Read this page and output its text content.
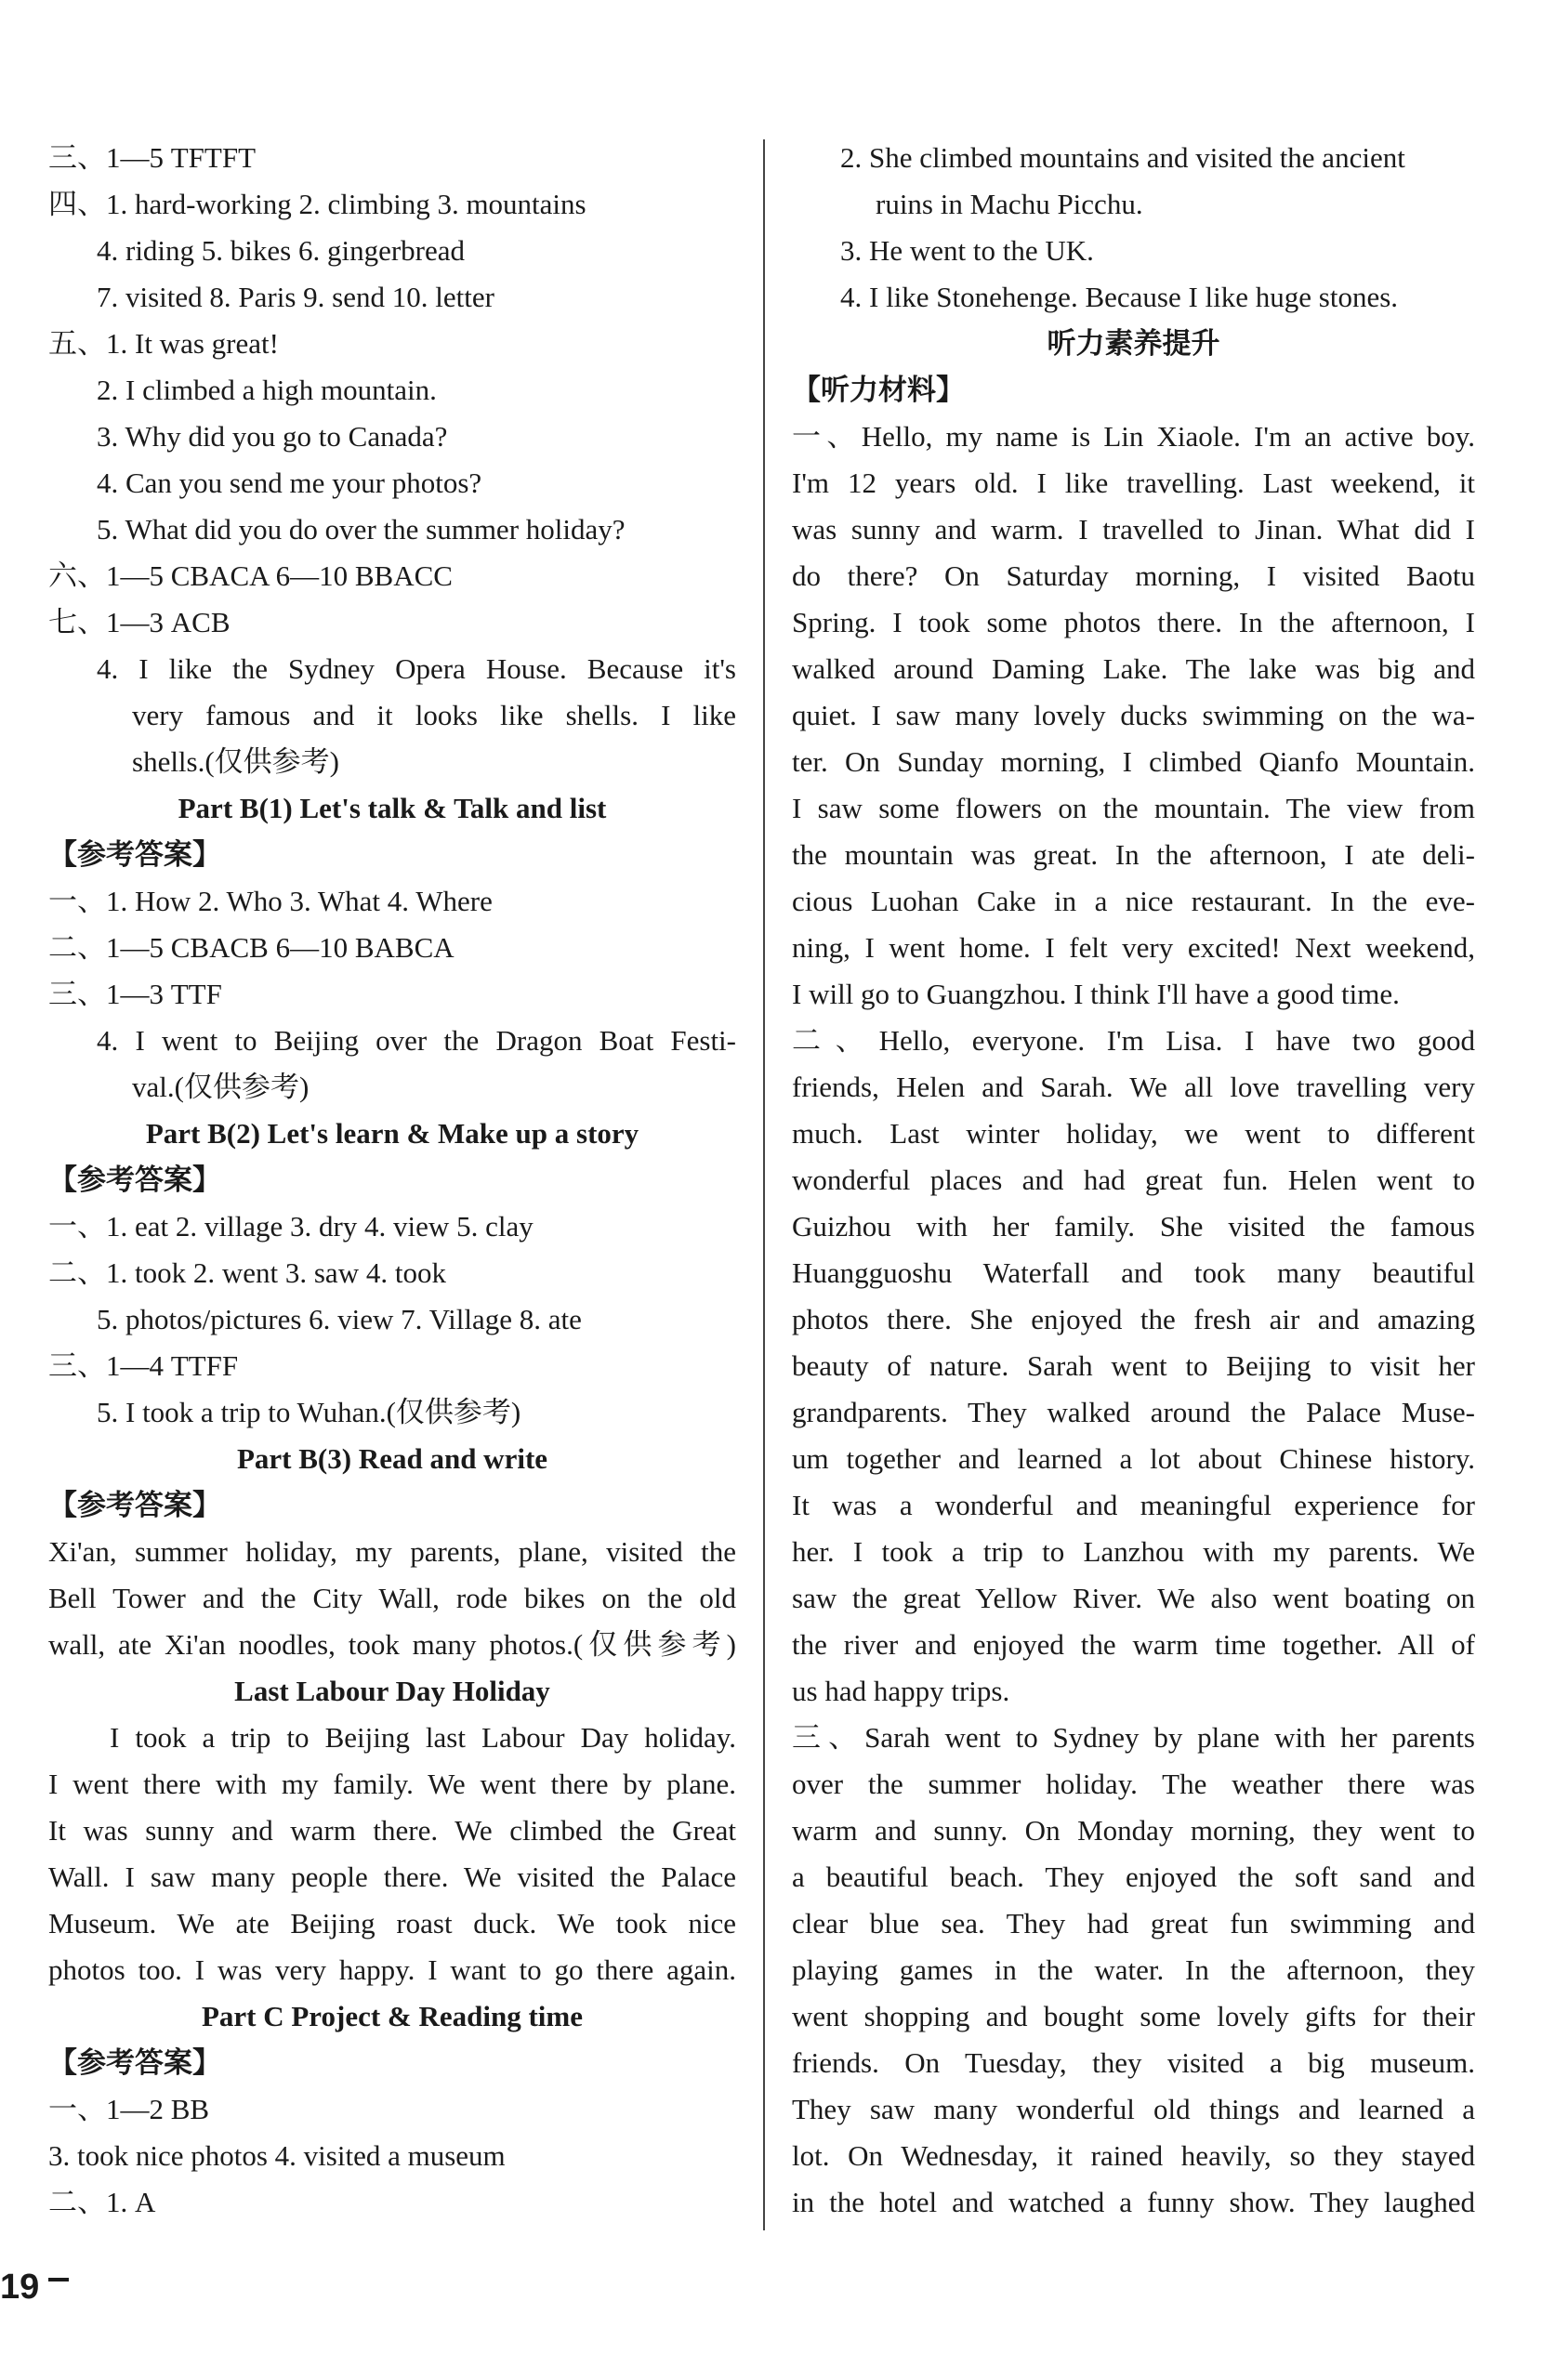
三、1—5 TFTFT
四、1. hard-working 2. climbing 3. mountains
4. riding 5. bikes 6. gingerbread
7. visited 8. Paris 9. send 10. letter
五、1. It was great!
2. I climbed a high mountain.
3. Why did you go to Canada?
4. Can you send me your photos?
5. What did you do over the summer holiday?
六、1—5 CBACA 6—10 BBACC
七、1—3 ACB
4. I like the Sydney Opera House. Because it's
very famous and it looks like shells. I like
shells.(仅供参考)
Part B(1) Let's talk & Talk and list
【参考答案】
一、1. How 2. Who 3. What 4. Where
二、1—5 CBACB 6—10 BABCA
三、1—3 TTF
4. I went to Beijing over the Dragon Boat Festi-
val.(仅供参考)
Part B(2) Let's learn & Make up a story
【参考答案】
一、1. eat 2. village 3. dry 4. view 5. clay
二、1. took 2. went 3. saw 4. took
5. photos/pictures 6. view 7. Village 8. ate
三、1—4 TTFF
5. I took a trip to Wuhan.(仅供参考)
Part B(3) Read and write
【参考答案】
Xi'an, summer holiday, my parents, plane, visited the
Bell Tower and the City Wall, rode bikes on the old
wall, ate Xi'an noodles, took many photos.(仅供参考)
Last Labour Day Holiday
I took a trip to Beijing last Labour Day holiday.
I went there with my family. We went there by plane.
It was sunny and warm there. We climbed the Great
Wall. I saw many people there. We visited the Palace
Museum. We ate Beijing roast duck. We took nice
photos too. I was very happy. I want to go there again.
Part C Project & Reading time
【参考答案】
一、1—2 BB
3. took nice photos 4. visited a museum
二、1. A
2. She climbed mountains and visited the ancient
ruins in Machu Picchu.
3. He went to the UK.
4. I like Stonehenge. Because I like huge stones.
听力素养提升
【听力材料】
一、Hello, my name is Lin Xiaole. I'm an active boy.
I'm 12 years old. I like travelling. Last weekend, it
was sunny and warm. I travelled to Jinan. What did I
do there? On Saturday morning, I visited Baotu
Spring. I took some photos there. In the afternoon, I
walked around Daming Lake. The lake was big and
quiet. I saw many lovely ducks swimming on the wa-
ter. On Sunday morning, I climbed Qianfo Mountain.
I saw some flowers on the mountain. The view from
the mountain was great. In the afternoon, I ate deli-
cious Luohan Cake in a nice restaurant. In the eve-
ning, I went home. I felt very excited! Next weekend,
I will go to Guangzhou. I think I'll have a good time.
二、Hello, everyone. I'm Lisa. I have two good
friends, Helen and Sarah. We all love travelling very
much. Last winter holiday, we went to different
wonderful places and had great fun. Helen went to
Guizhou with her family. She visited the famous
Huangguoshu Waterfall and took many beautiful
photos there. She enjoyed the fresh air and amazing
beauty of nature. Sarah went to Beijing to visit her
grandparents. They walked around the Palace Muse-
um together and learned a lot about Chinese history.
It was a wonderful and meaningful experience for
her. I took a trip to Lanzhou with my parents. We
saw the great Yellow River. We also went boating on
the river and enjoyed the warm time together. All of
us had happy trips.
三、Sarah went to Sydney by plane with her parents
over the summer holiday. The weather there was
warm and sunny. On Monday morning, they went to
a beautiful beach. They enjoyed the soft sand and
clear blue sea. They had great fun swimming and
playing games in the water. In the afternoon, they
went shopping and bought some lovely gifts for their
friends. On Tuesday, they visited a big museum.
They saw many wonderful old things and learned a
lot. On Wednesday, it rained heavily, so they stayed
in the hotel and watched a funny show. They laughed
19
